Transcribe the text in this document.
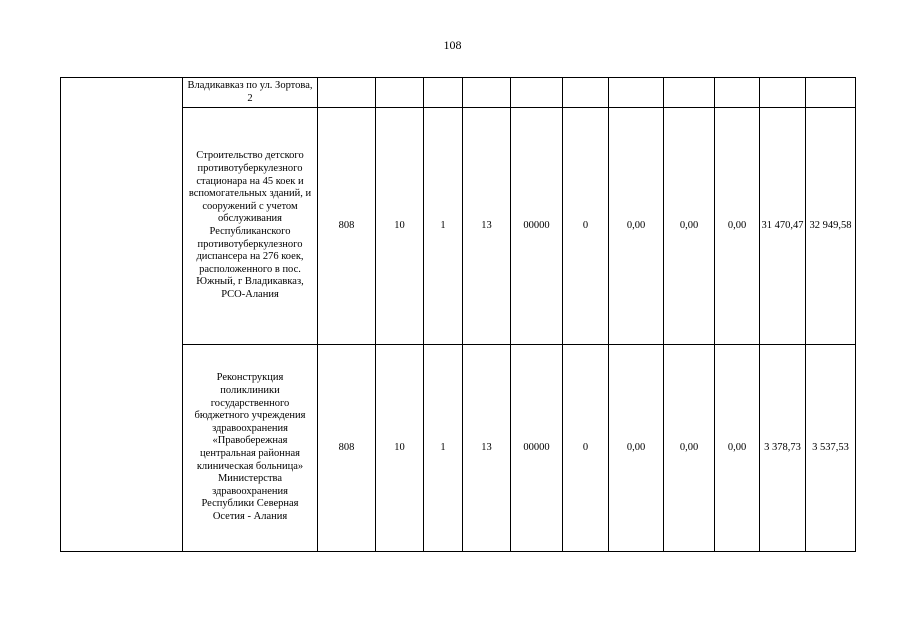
108
	Владикавказ по ул. Зортова, 2											
	Строительство детского противотуберкулезного стационара на 45 коек и вспомогательных зданий, и сооружений с учетом обслуживания Республиканского противотуберкулезного диспансера на 276 коек, расположенного в пос. Южный, г Владикавказ, РСО-Алания	808	10	1	13	00000	0	0,00	0,00	0,00	31 470,47	32 949,58
	Реконструкция поликлиники государственного бюджетного учреждения здравоохранения «Правобережная центральная районная клиническая больница» Министерства здравоохранения Республики Северная Осетия - Алания	808	10	1	13	00000	0	0,00	0,00	0,00	3 378,73	3 537,53
